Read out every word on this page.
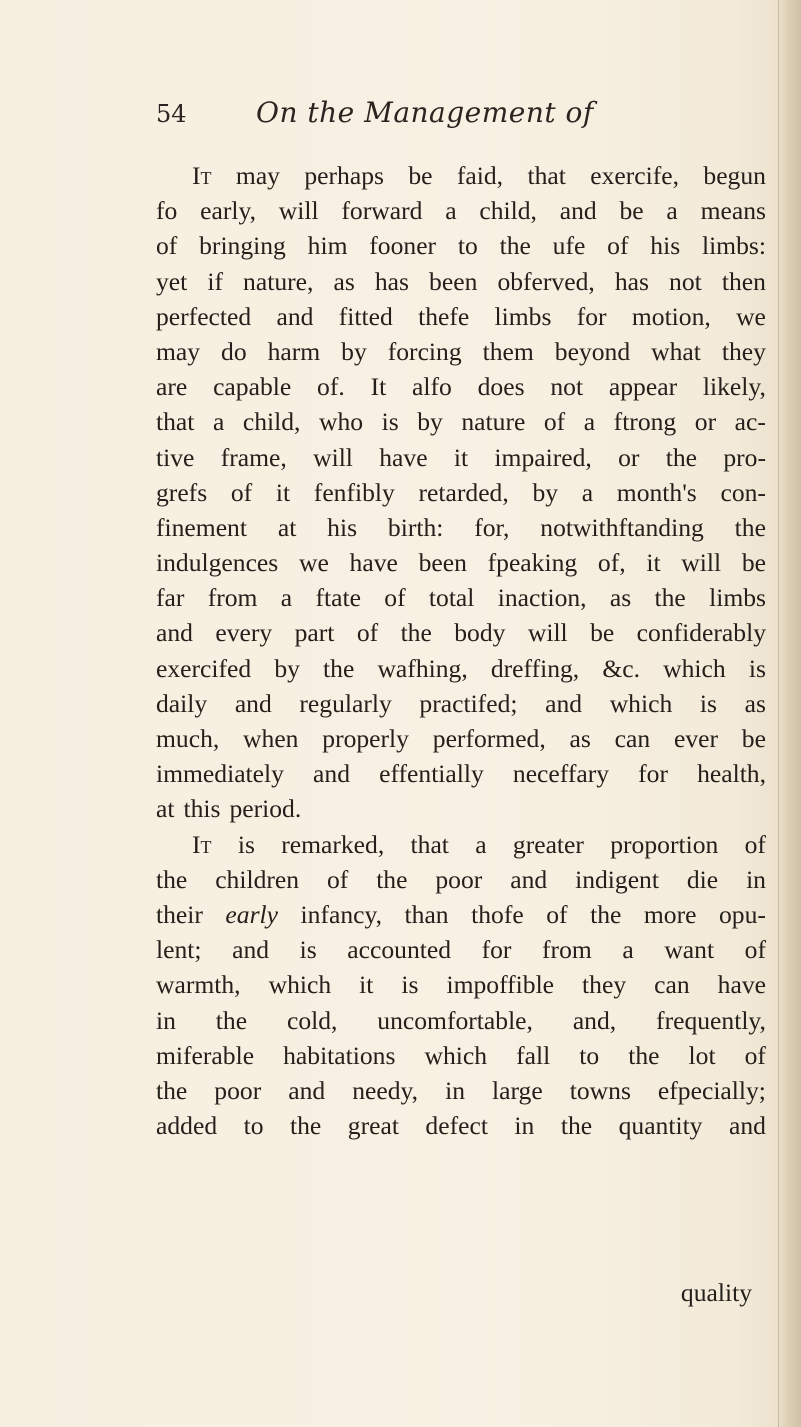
54 On the Management of
It may perhaps be faid, that exercife, begun
fo early, will forward a child, and be a means
of bringing him fooner to the ufe of his limbs:
yet if nature, as has been obferved, has not then
perfected and fitted thefe limbs for motion, we
may do harm by forcing them beyond what they
are capable of. It alfo does not appear likely,
that a child, who is by nature of a ftrong or ac-
tive frame, will have it impaired, or the pro-
grefs of it fenfibly retarded, by a month's con-
finement at his birth: for, notwithftanding the
indulgences we have been fpeaking of, it will be
far from a ftate of total inaction, as the limbs
and every part of the body will be confiderably
exercifed by the wafhing, dreffing, &c. which is
daily and regularly practifed; and which is as
much, when properly performed, as can ever be
immediately and effentially neceffary for health,
at this period.
It is remarked, that a greater proportion of
the children of the poor and indigent die in
their early infancy, than thofe of the more opu-
lent; and is accounted for from a want of
warmth, which it is impoffible they can have
in the cold, uncomfortable, and, frequently,
miferable habitations which fall to the lot of
the poor and needy, in large towns efpecially;
added to the great defect in the quantity and
quality
